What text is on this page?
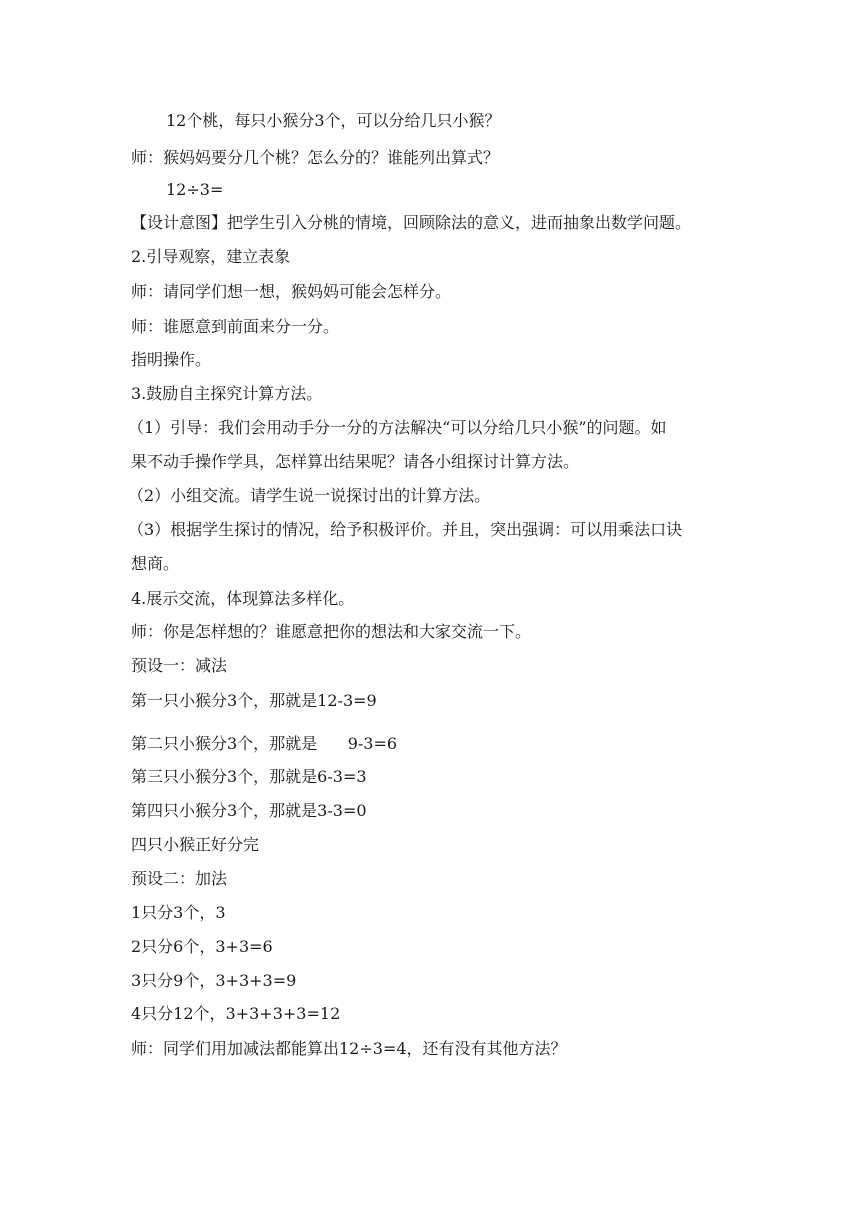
12个桃，每只小猴分3个，可以分给几只小猴？
师：猴妈妈要分几个桃？怎么分的？谁能列出算式？
12÷3=
【设计意图】把学生引入分桃的情境，回顾除法的意义，进而抽象出数学问题。
2.引导观察，建立表象
师：请同学们想一想，猴妈妈可能会怎样分。
师：谁愿意到前面来分一分。
指明操作。
3.鼓励自主探究计算方法。
（1）引导：我们会用动手分一分的方法解决“可以分给几只小猴”的问题。如
果不动手操作学具，怎样算出结果呢？请各小组探讨计算方法。
（2）小组交流。请学生说一说探讨出的计算方法。
（3）根据学生探讨的情况，给予积极评价。并且，突出强调：可以用乘法口诀
想商。
4.展示交流，体现算法多样化。
师：你是怎样想的？谁愿意把你的想法和大家交流一下。
预设一：减法
第一只小猴分3个，那就是12-3=9
第二只小猴分3个，那就是      9-3=6
第三只小猴分3个，那就是6-3=3
第四只小猴分3个，那就是3-3=0
四只小猴正好分完
预设二：加法
1只分3个，3
2只分6个，3+3=6
3只分9个，3+3+3=9
4只分12个，3+3+3+3=12
师：同学们用加减法都能算出12÷3=4，还有没有其他方法？
